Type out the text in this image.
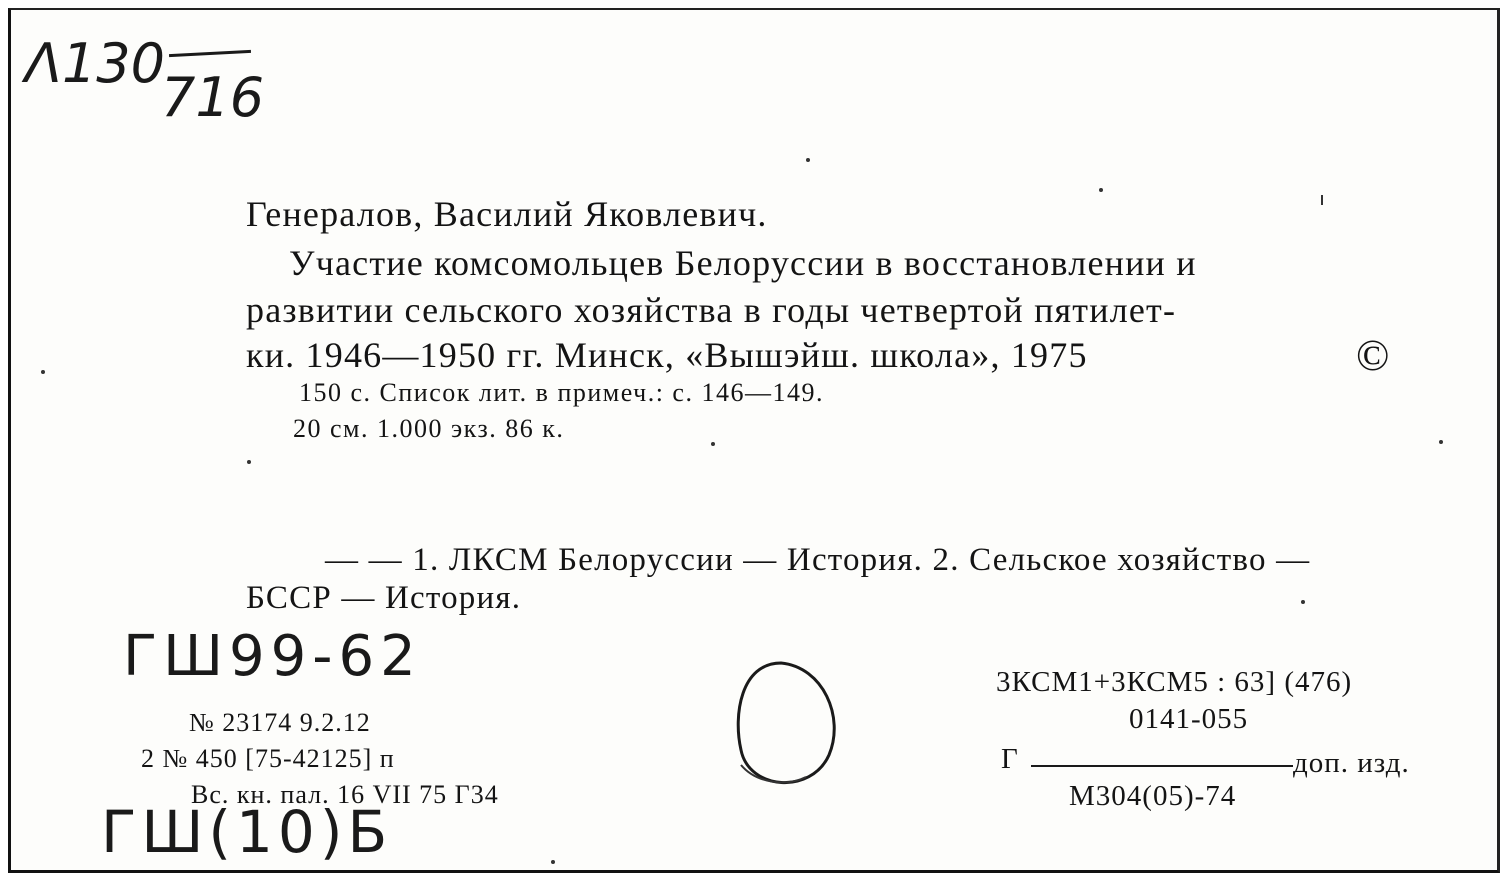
Λ130
716
Генералов, Василий Яковлевич.
Участие комсомольцев Белоруссии в восстановлении и
развитии сельского хозяйства в годы четвертой пятилет-
ки. 1946—1950 гг. Минск, «Вышэйш. школа», 1975	©
150 с. Список лит. в примеч.: с. 146—149.
20 см. 1.000 экз. 86 к.
— — 1. ЛКСМ Белоруссии — История. 2. Сельское хозяйство —
БССР — История.
ГШ99-62
№ 23174 9.2.12
2 № 450 [75-42125] п
Вс. кн. пал. 16 VII 75 Г34
ГШ(10)Б
3КСМ1+3КСМ5 : 63] (476)
0141-055
Г	доп. изд.
М304(05)-74
